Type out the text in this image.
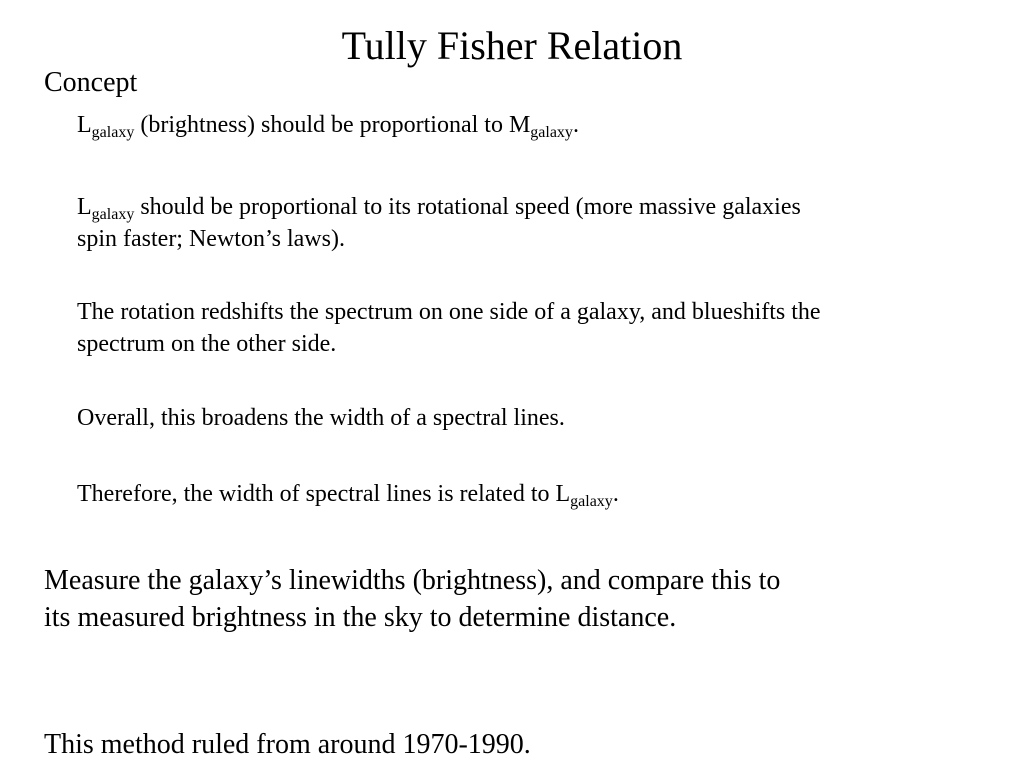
Tully Fisher Relation
Concept
$L_{galaxy}$ (brightness) should be proportional to $M_{galaxy}$.
$L_{galaxy}$ should be proportional to its rotational speed (more massive galaxies spin faster; Newton’s laws).
The rotation redshifts the spectrum on one side of a galaxy, and blueshifts the spectrum on the other side.
Overall, this broadens the width of a spectral lines.
Therefore, the width of spectral lines is related to $L_{galaxy}$.
Measure the galaxy’s linewidths (brightness), and compare this to its measured brightness in the sky to determine distance.
This method ruled from around 1970-1990.
